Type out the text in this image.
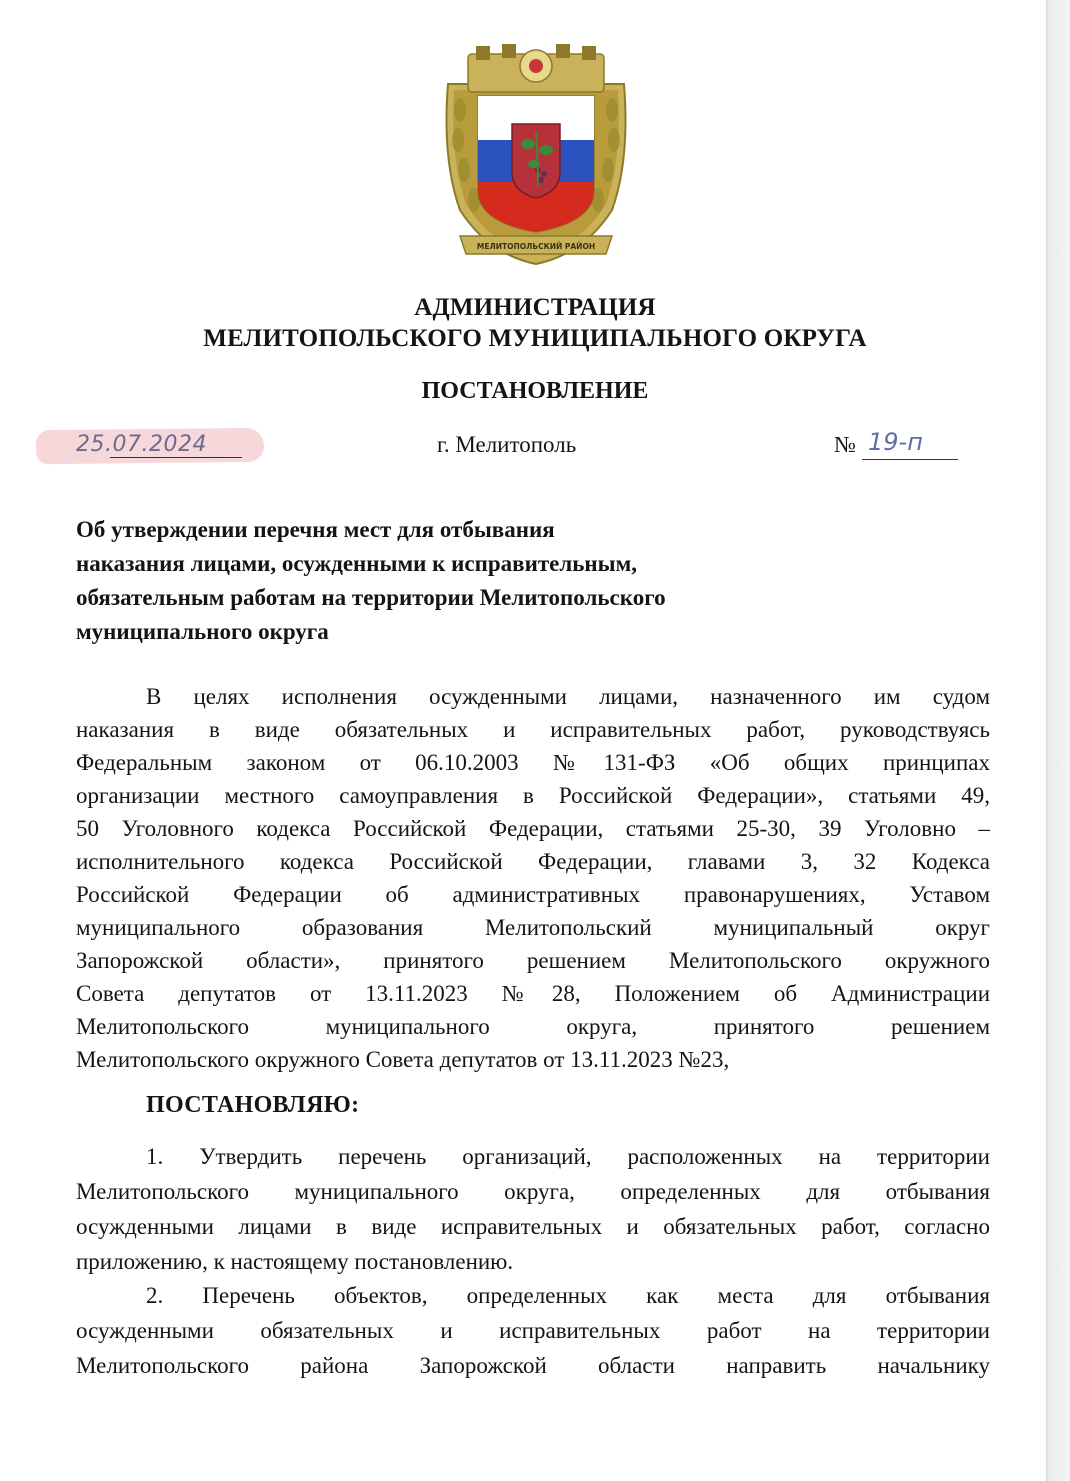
МЕЛИТОПОЛЬСКИЙ РАЙОН
АДМИНИСТРАЦИЯ
МЕЛИТОПОЛЬСКОГО МУНИЦИПАЛЬНОГО ОКРУГА
ПОСТАНОВЛЕНИЕ
25.07.2024	г. Мелитополь	№ 19-п
Об утверждении перечня мест для отбывания
наказания лицами, осужденными к исправительным,
обязательным работам на территории Мелитопольского
муниципального округа
В целях исполнения осужденными лицами, назначенного им судом
наказания в виде обязательных и исправительных работ, руководствуясь
Федеральным законом от 06.10.2003 №131-ФЗ «Об общих принципах
организации местного самоуправления в Российской Федерации», статьями 49,
50 Уголовного кодекса Российской Федерации, статьями 25-30, 39 Уголовно –
исполнительного кодекса Российской Федерации, главами 3, 32 Кодекса
Российской Федерации об административных правонарушениях, Уставом
муниципального образования Мелитопольский муниципальный округ
Запорожской области», принятого решением Мелитопольского окружного
Совета депутатов от 13.11.2023 №28, Положением об Администрации
Мелитопольского муниципального округа, принятого решением
Мелитопольского окружного Совета депутатов от 13.11.2023 №23,
ПОСТАНОВЛЯЮ:
1. Утвердить перечень организаций, расположенных на территории
Мелитопольского муниципального округа, определенных для отбывания
осужденными лицами в виде исправительных и обязательных работ, согласно
приложению, к настоящему постановлению.
2. Перечень объектов, определенных как места для отбывания
осужденными обязательных и исправительных работ на территории
Мелитопольского района Запорожской области направить начальнику
